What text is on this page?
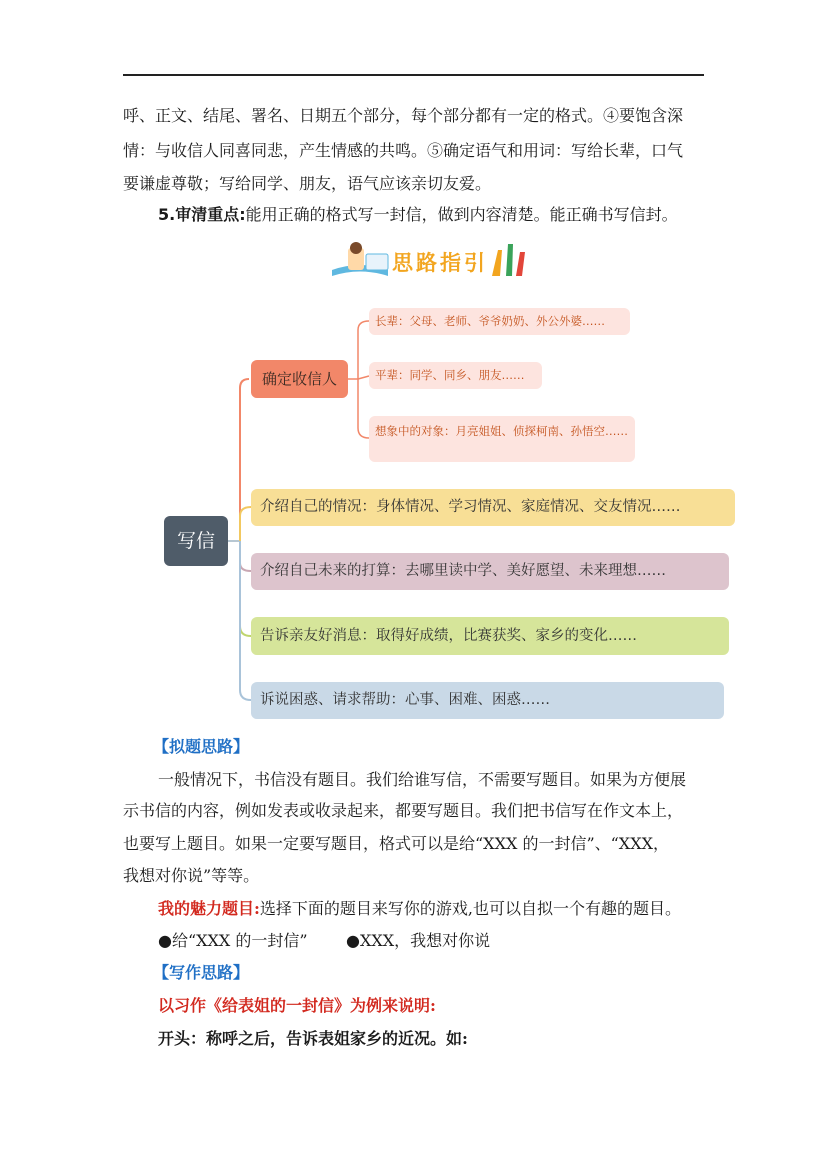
呼、正文、结尾、署名、日期五个部分，每个部分都有一定的格式。④要饱含深
情：与收信人同喜同悲，产生情感的共鸣。⑤确定语气和用词：写给长辈，口气
要谦虚尊敬；写给同学、朋友，语气应该亲切友爱。
5.审清重点:能用正确的格式写一封信，做到内容清楚。能正确书写信封。
思路指引
写信
确定收信人
长辈：父母、老师、爷爷奶奶、外公外婆……
平辈：同学、同乡、朋友……
想象中的对象：月亮姐姐、侦探柯南、孙悟空……
介绍自己的情况：身体情况、学习情况、家庭情况、交友情况……
介绍自己未来的打算：去哪里读中学、美好愿望、未来理想……
告诉亲友好消息：取得好成绩，比赛获奖、家乡的变化……
诉说困惑、请求帮助：心事、困难、困惑……
【拟题思路】
一般情况下，书信没有题目。我们给谁写信，不需要写题目。如果为方便展
示书信的内容，例如发表或收录起来，都要写题目。我们把书信写在作文本上，
也要写上题目。如果一定要写题目，格式可以是给“XXX 的一封信”、“XXX，
我想对你说”等等。
我的魅力题目:选择下面的题目来写你的游戏,也可以自拟一个有趣的题目。
●给“XXX 的一封信” ●XXX，我想对你说
【写作思路】
以习作《给表姐的一封信》为例来说明:
开头：称呼之后，告诉表姐家乡的近况。如:
